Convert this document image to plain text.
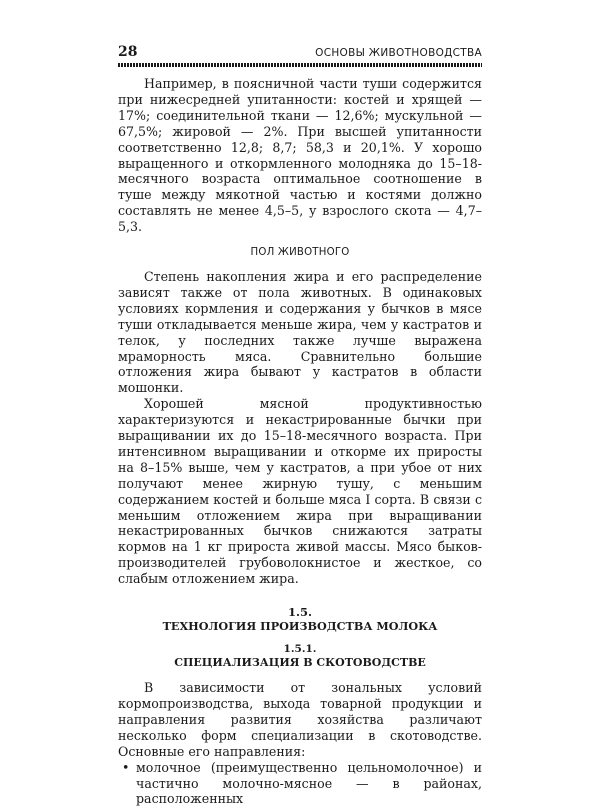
28	ОСНОВЫ ЖИВОТНОВОДСТВА

Например, в поясничной части туши содержится при нижесредней упитанности: костей и хрящей — 17%; соединительной ткани — 12,6%; мускульной — 67,5%; жировой — 2%. При высшей упитанности соответственно 12,8; 8,7; 58,3 и 20,1%. У хорошо выращенного и откормленного молодняка до 15–18-месячного возраста оптимальное соотношение в туше между мякотной частью и костями должно составлять не менее 4,5–5, у взрослого скота — 4,7–5,3.

ПОЛ ЖИВОТНОГО

Степень накопления жира и его распределение зависят также от пола животных. В одинаковых условиях кормления и содержания у бычков в мясе туши откладывается меньше жира, чем у кастратов и телок, у последних также лучше выражена мраморность мяса. Сравнительно большие отложения жира бывают у кастратов в области мошонки.

Хорошей мясной продуктивностью характеризуются и некастрированные бычки при выращивании их до 15–18-месячного возраста. При интенсивном выращивании и откорме их приросты на 8–15% выше, чем у кастратов, а при убое от них получают менее жирную тушу, с меньшим содержанием костей и больше мяса I сорта. В связи с меньшим отложением жира при выращивании некастрированных бычков снижаются затраты кормов на 1 кг прироста живой массы. Мясо быков-производителей грубоволокнистое и жесткое, со слабым отложением жира.

1.5.
ТЕХНОЛОГИЯ ПРОИЗВОДСТВА МОЛОКА
1.5.1.
СПЕЦИАЛИЗАЦИЯ В СКОТОВОДСТВЕ

В зависимости от зональных условий кормопроизводства, выхода товарной продукции и направления развития хозяйства различают несколько форм специализации в скотоводстве. Основные его направления:

• молочное (преимущественно цельномолочное) и частично молочно-мясное — в районах, расположенных
